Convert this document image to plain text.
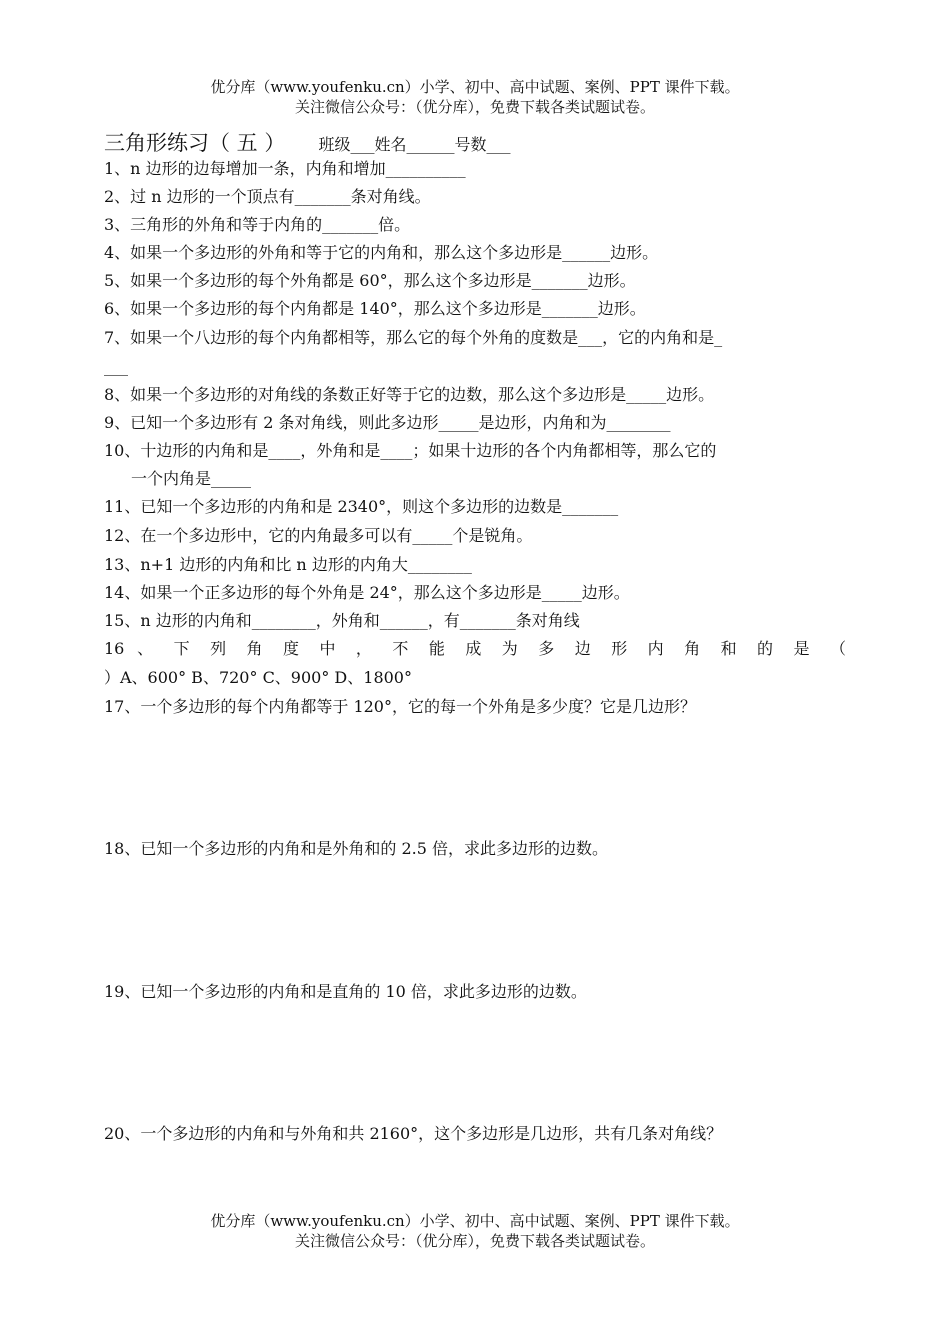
优分库（www.youfenku.cn）小学、初中、高中试题、案例、PPT 课件下载。
关注微信公众号：（优分库），免费下载各类试题试卷。
三角形练习（ 五 ） 班级___姓名______号数___
1、n 边形的边每增加一条，内角和增加__________
2、过 n 边形的一个顶点有_______条对角线。
3、三角形的外角和等于内角的_______倍。
4、如果一个多边形的外角和等于它的内角和，那么这个多边形是______边形。
5、如果一个多边形的每个外角都是 60°，那么这个多边形是_______边形。
6、如果一个多边形的每个内角都是 140°，那么这个多边形是_______边形。
7、如果一个八边形的每个内角都相等，那么它的每个外角的度数是___，它的内角和是_
___
8、如果一个多边形的对角线的条数正好等于它的边数，那么这个多边形是_____边形。
9、已知一个多边形有 2 条对角线，则此多边形_____是边形，内角和为________
10、十边形的内角和是____，外角和是____；如果十边形的各个内角都相等，那么它的
一个内角是_____
11、已知一个多边形的内角和是 2340°，则这个多边形的边数是_______
12、在一个多边形中，它的内角最多可以有_____个是锐角。
13、n+1 边形的内角和比 n 边形的内角大________
14、如果一个正多边形的每个外角是 24°，那么这个多边形是_____边形。
15、n 边形的内角和________，外角和______，有_______条对角线
16 、 下 列 角 度 中 ， 不 能 成 为 多 边 形 内 角 和 的 是 （
）A、600° B、720° C、900° D、1800°
17、一个多边形的每个内角都等于 120°，它的每一个外角是多少度？它是几边形？
18、已知一个多边形的内角和是外角和的 2.5 倍，求此多边形的边数。
19、已知一个多边形的内角和是直角的 10 倍，求此多边形的边数。
20、一个多边形的内角和与外角和共 2160°，这个多边形是几边形，共有几条对角线？
优分库（www.youfenku.cn）小学、初中、高中试题、案例、PPT 课件下载。
关注微信公众号：（优分库），免费下载各类试题试卷。
